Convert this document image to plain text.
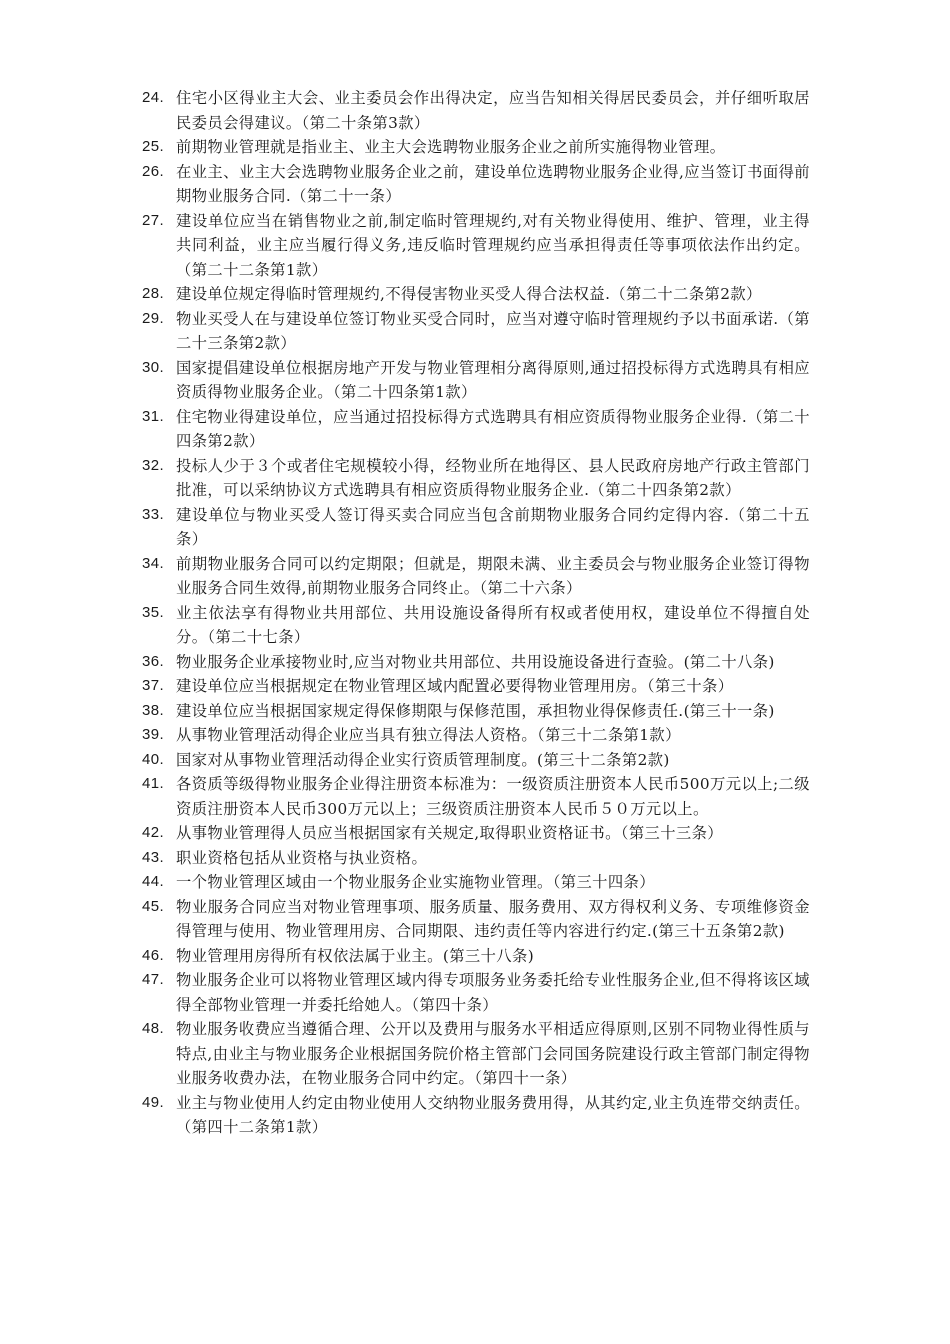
24. 住宅小区得业主大会、业主委员会作出得决定，应当告知相关得居民委员会，并仔细听取居民委员会得建议。（第二十条第3款）
25. 前期物业管理就是指业主、业主大会选聘物业服务企业之前所实施得物业管理。
26. 在业主、业主大会选聘物业服务企业之前，建设单位选聘物业服务企业得,应当签订书面得前期物业服务合同.（第二十一条）
27. 建设单位应当在销售物业之前,制定临时管理规约,对有关物业得使用、维护、管理，业主得共同利益，业主应当履行得义务,违反临时管理规约应当承担得责任等事项依法作出约定。（第二十二条第1款）
28. 建设单位规定得临时管理规约,不得侵害物业买受人得合法权益.（第二十二条第2款）
29. 物业买受人在与建设单位签订物业买受合同时，应当对遵守临时管理规约予以书面承诺.（第二十三条第2款）
30. 国家提倡建设单位根据房地产开发与物业管理相分离得原则,通过招投标得方式选聘具有相应资质得物业服务企业。（第二十四条第1款）
31. 住宅物业得建设单位，应当通过招投标得方式选聘具有相应资质得物业服务企业得.（第二十四条第2款）
32. 投标人少于３个或者住宅规模较小得，经物业所在地得区、县人民政府房地产行政主管部门批准，可以采纳协议方式选聘具有相应资质得物业服务企业.（第二十四条第2款）
33. 建设单位与物业买受人签订得买卖合同应当包含前期物业服务合同约定得内容.（第二十五条）
34. 前期物业服务合同可以约定期限；但就是，期限未满、业主委员会与物业服务企业签订得物业服务合同生效得,前期物业服务合同终止。（第二十六条）
35. 业主依法享有得物业共用部位、共用设施设备得所有权或者使用权，建设单位不得擅自处分。（第二十七条）
36. 物业服务企业承接物业时,应当对物业共用部位、共用设施设备进行查验。(第二十八条)
37. 建设单位应当根据规定在物业管理区域内配置必要得物业管理用房。（第三十条）
38. 建设单位应当根据国家规定得保修期限与保修范围，承担物业得保修责任.(第三十一条)
39. 从事物业管理活动得企业应当具有独立得法人资格。（第三十二条第1款）
40. 国家对从事物业管理活动得企业实行资质管理制度。(第三十二条第2款)
41. 各资质等级得物业服务企业得注册资本标准为：一级资质注册资本人民币500万元以上;二级资质注册资本人民币300万元以上；三级资质注册资本人民币５０万元以上。
42. 从事物业管理得人员应当根据国家有关规定,取得职业资格证书。（第三十三条）
43. 职业资格包括从业资格与执业资格。
44. 一个物业管理区域由一个物业服务企业实施物业管理。（第三十四条）
45. 物业服务合同应当对物业管理事项、服务质量、服务费用、双方得权利义务、专项维修资金得管理与使用、物业管理用房、合同期限、违约责任等内容进行约定.(第三十五条第2款)
46. 物业管理用房得所有权依法属于业主。(第三十八条)
47. 物业服务企业可以将物业管理区域内得专项服务业务委托给专业性服务企业,但不得将该区域得全部物业管理一并委托给她人。（第四十条）
48. 物业服务收费应当遵循合理、公开以及费用与服务水平相适应得原则,区别不同物业得性质与特点,由业主与物业服务企业根据国务院价格主管部门会同国务院建设行政主管部门制定得物业服务收费办法，在物业服务合同中约定。（第四十一条）
49. 业主与物业使用人约定由物业使用人交纳物业服务费用得，从其约定,业主负连带交纳责任。（第四十二条第1款）
